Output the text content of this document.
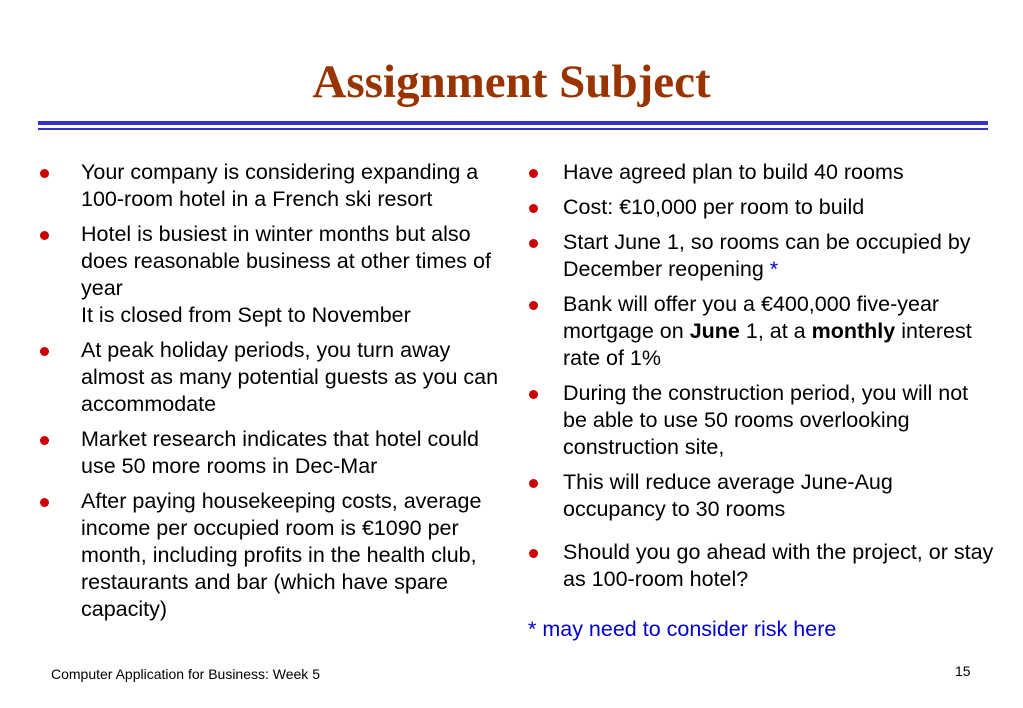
Assignment Subject
Your company is considering expanding a 100-room hotel in a French ski resort
Hotel is busiest in winter months but also does reasonable business at other times of year
It is closed from Sept to November
At peak holiday periods, you turn away almost as many potential guests as you can accommodate
Market research indicates that hotel could use 50 more rooms in Dec-Mar
After paying housekeeping costs, average income per occupied room is €1090 per month, including profits in the health club, restaurants and bar (which have spare capacity)
Have agreed plan to build 40 rooms
Cost: €10,000 per room to build
Start June 1, so rooms can be occupied by December reopening *
Bank will offer you a €400,000 five-year mortgage on June 1, at a monthly interest rate of 1%
During the construction period, you will not be able to use 50 rooms overlooking construction site,
This will reduce average June-Aug occupancy to 30 rooms
Should you go ahead with the project, or stay as 100-room hotel?

* may need to consider risk here

Computer Application for Business: Week 5	15
